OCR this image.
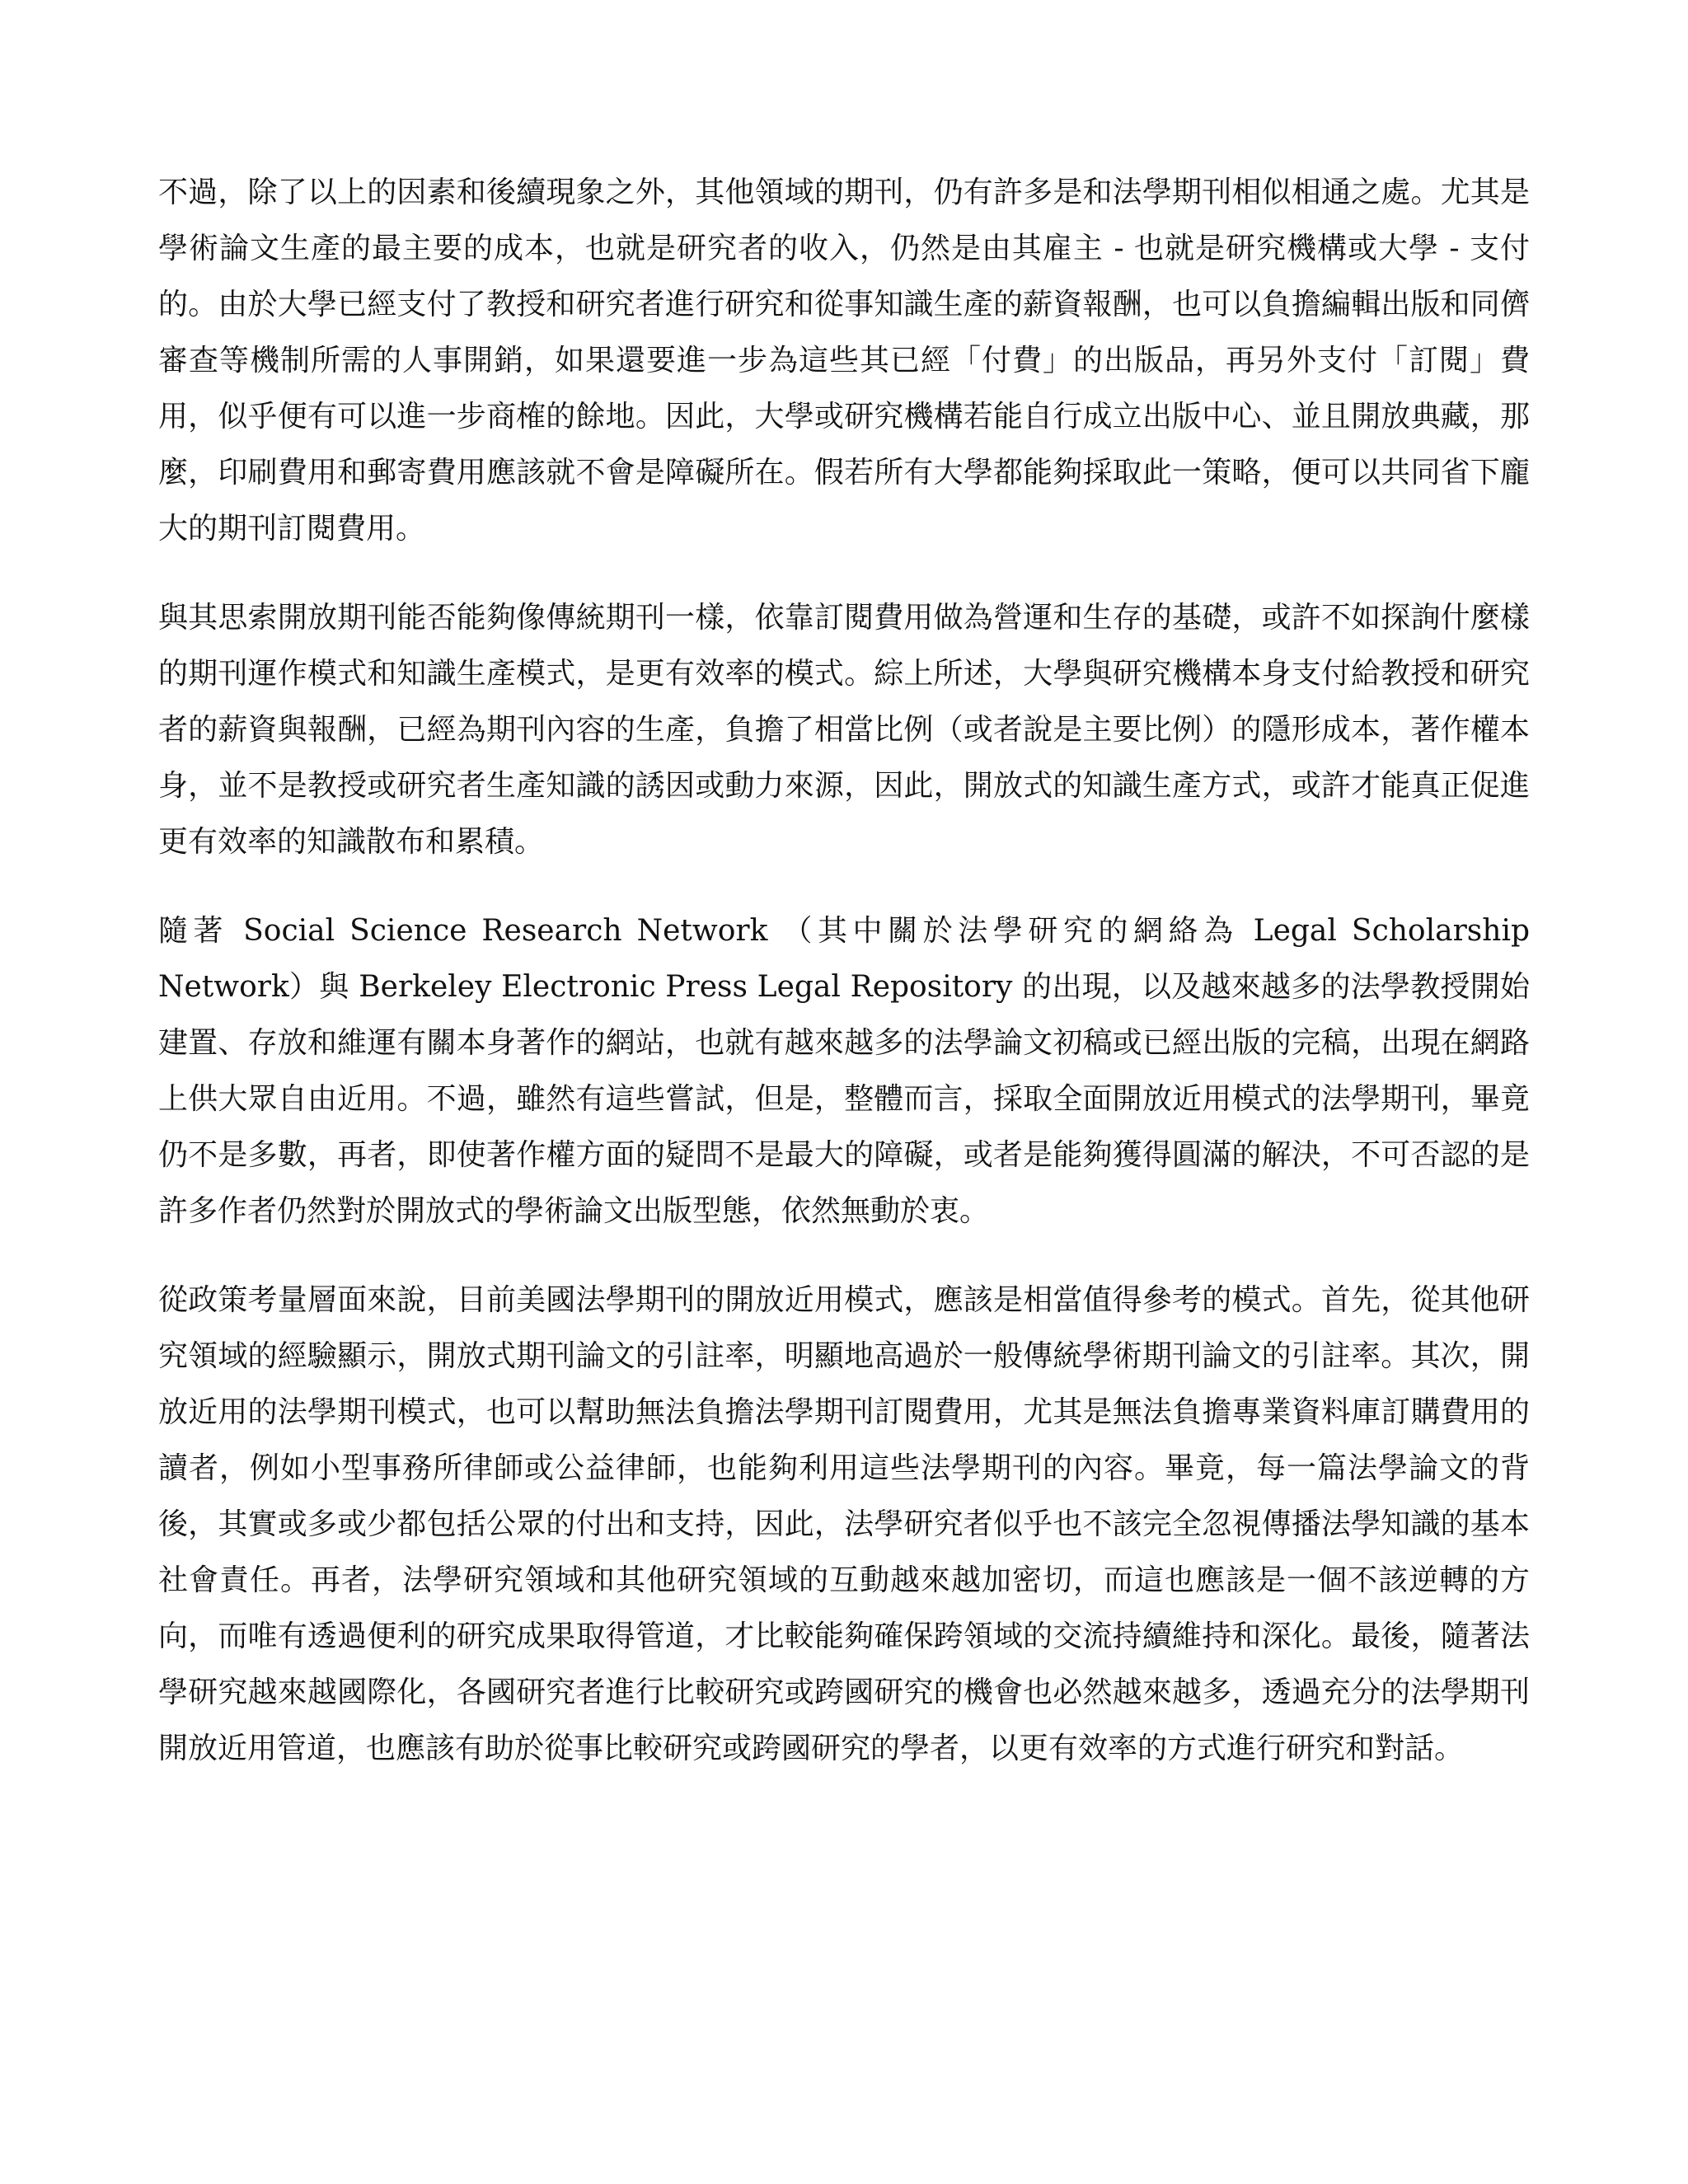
不過，除了以上的因素和後續現象之外，其他領域的期刊，仍有許多是和法學期刊相似相通之處。尤其是學術論文生產的最主要的成本，也就是研究者的收入，仍然是由其雇主 - 也就是研究機構或大學 - 支付的。由於大學已經支付了教授和研究者進行研究和從事知識生產的薪資報酬，也可以負擔編輯出版和同儕審查等機制所需的人事開銷，如果還要進一步為這些其已經「付費」的出版品，再另外支付「訂閱」費用，似乎便有可以進一步商榷的餘地。因此，大學或研究機構若能自行成立出版中心、並且開放典藏，那麼，印刷費用和郵寄費用應該就不會是障礙所在。假若所有大學都能夠採取此一策略，便可以共同省下龐大的期刊訂閱費用。

與其思索開放期刊能否能夠像傳統期刊一樣，依靠訂閱費用做為營運和生存的基礎，或許不如探詢什麼樣的期刊運作模式和知識生產模式，是更有效率的模式。綜上所述，大學與研究機構本身支付給教授和研究者的薪資與報酬，已經為期刊內容的生產，負擔了相當比例（或者說是主要比例）的隱形成本，著作權本身，並不是教授或研究者生產知識的誘因或動力來源，因此，開放式的知識生產方式，或許才能真正促進更有效率的知識散布和累積。

隨著 Social Science Research Network （其中關於法學研究的網絡為 Legal Scholarship Network）與 Berkeley Electronic Press Legal Repository 的出現，以及越來越多的法學教授開始建置、存放和維運有關本身著作的網站，也就有越來越多的法學論文初稿或已經出版的完稿，出現在網路上供大眾自由近用。不過，雖然有這些嘗試，但是，整體而言，採取全面開放近用模式的法學期刊，畢竟仍不是多數，再者，即使著作權方面的疑問不是最大的障礙，或者是能夠獲得圓滿的解決，不可否認的是許多作者仍然對於開放式的學術論文出版型態，依然無動於衷。

從政策考量層面來說，目前美國法學期刊的開放近用模式，應該是相當值得參考的模式。首先，從其他研究領域的經驗顯示，開放式期刊論文的引註率，明顯地高過於一般傳統學術期刊論文的引註率。其次，開放近用的法學期刊模式，也可以幫助無法負擔法學期刊訂閱費用，尤其是無法負擔專業資料庫訂購費用的讀者，例如小型事務所律師或公益律師，也能夠利用這些法學期刊的內容。畢竟，每一篇法學論文的背後，其實或多或少都包括公眾的付出和支持，因此，法學研究者似乎也不該完全忽視傳播法學知識的基本社會責任。再者，法學研究領域和其他研究領域的互動越來越加密切，而這也應該是一個不該逆轉的方向，而唯有透過便利的研究成果取得管道，才比較能夠確保跨領域的交流持續維持和深化。最後，隨著法學研究越來越國際化，各國研究者進行比較研究或跨國研究的機會也必然越來越多，透過充分的法學期刊開放近用管道，也應該有助於從事比較研究或跨國研究的學者，以更有效率的方式進行研究和對話。
